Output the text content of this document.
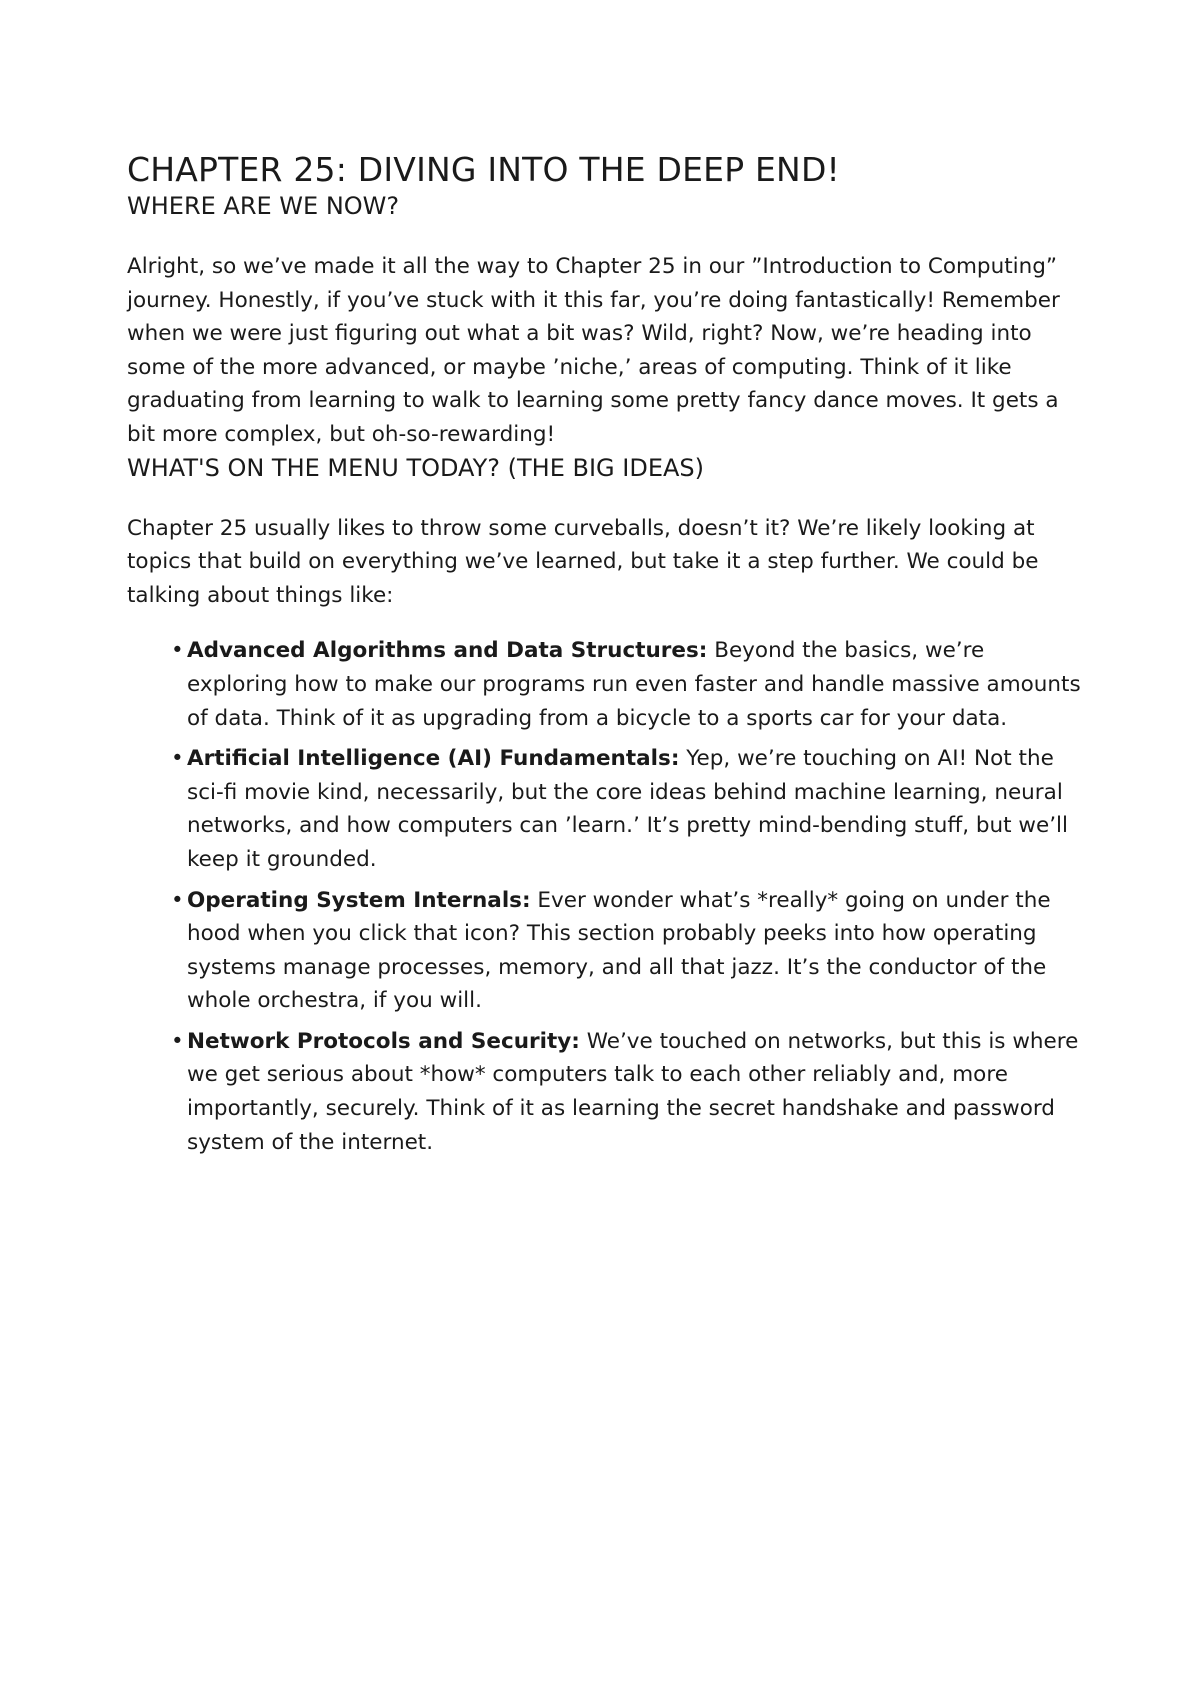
CHAPTER 25: DIVING INTO THE DEEP END!
WHERE ARE WE NOW?

Alright, so we’ve made it all the way to Chapter 25 in our ”Introduction to Computing” journey. Honestly, if you’ve stuck with it this far, you’re doing fantastically! Remember when we were just figuring out what a bit was? Wild, right? Now, we’re heading into some of the more advanced, or maybe ’niche,’ areas of computing. Think of it like graduating from learning to walk to learning some pretty fancy dance moves. It gets a bit more complex, but oh-so-rewarding!

WHAT'S ON THE MENU TODAY? (THE BIG IDEAS)

Chapter 25 usually likes to throw some curveballs, doesn’t it? We’re likely looking at topics that build on everything we’ve learned, but take it a step further. We could be talking about things like:

• Advanced Algorithms and Data Structures: Beyond the basics, we’re exploring how to make our programs run even faster and handle massive amounts of data. Think of it as upgrading from a bicycle to a sports car for your data.
• Artificial Intelligence (AI) Fundamentals: Yep, we’re touching on AI! Not the sci-fi movie kind, necessarily, but the core ideas behind machine learning, neural networks, and how computers can ’learn.’ It’s pretty mind-bending stuff, but we’ll keep it grounded.
• Operating System Internals: Ever wonder what’s *really* going on under the hood when you click that icon? This section probably peeks into how operating systems manage processes, memory, and all that jazz. It’s the conductor of the whole orchestra, if you will.
• Network Protocols and Security: We’ve touched on networks, but this is where we get serious about *how* computers talk to each other reliably and, more importantly, securely. Think of it as learning the secret handshake and password system of the internet.
